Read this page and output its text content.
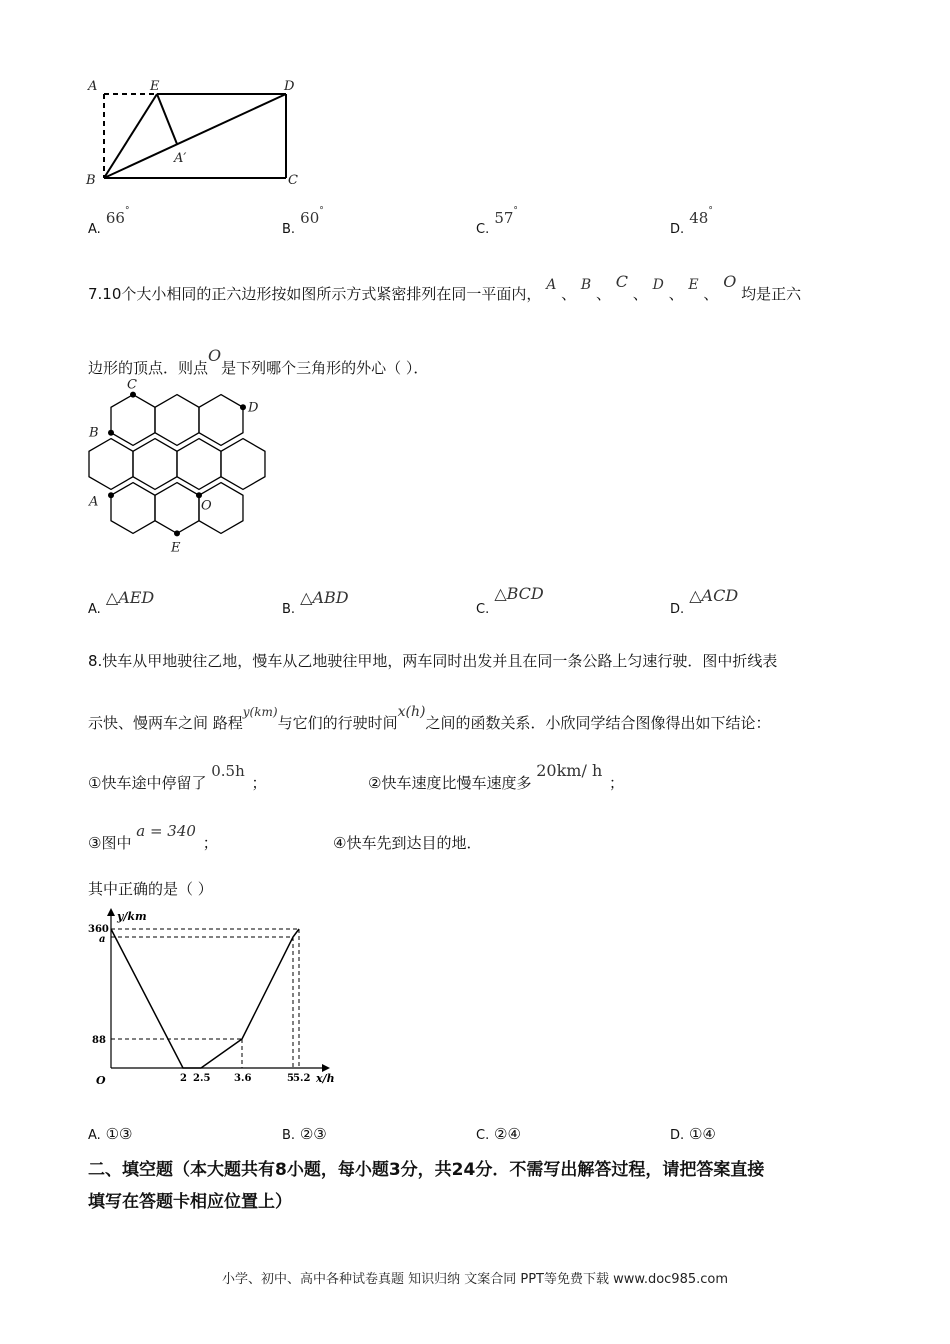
A	E	D
A′
B	C
A. 66°
B. 60°
C. 57°
D. 48°
7.10个大小相同的正六边形按如图所示方式紧密排列在同一平面内， A 、 B 、 C 、 D 、 E 、 O 均是正六
边形的顶点．则点O是下列哪个三角形的外心（ ）．
B
C
D
A	O
E
A. △AED
B. △ABD
C. △BCD
D. △ACD
8.快车从甲地驶往乙地，慢车从乙地驶往甲地，两车同时出发并且在同一条公路上匀速行驶．图中折线表
示快、慢两车之间 路程$^{y(km)}$与它们的行驶时间x(h)之间的函数关系．小欣同学结合图像得出如下结论：
①快车途中停留了 0.5h ；	②快车速度比慢车速度多 20km/ h ；
③图中 a = 340 ；	④快车先到达目的地．
其中正确的是（ ）
y/km
x/h
O
360
a
88
2 2.5 3.6	5 5.2
A. ①③	B. ②③	C. ②④	D. ①④
二、填空题（本大题共有8小题，每小题3分，共24分．不需写出解答过程，请把答案直接
填写在答题卡相应位置上）
小学、初中、高中各种试卷真题 知识归纳 文案合同 PPT等免费下载 www.doc985.com
